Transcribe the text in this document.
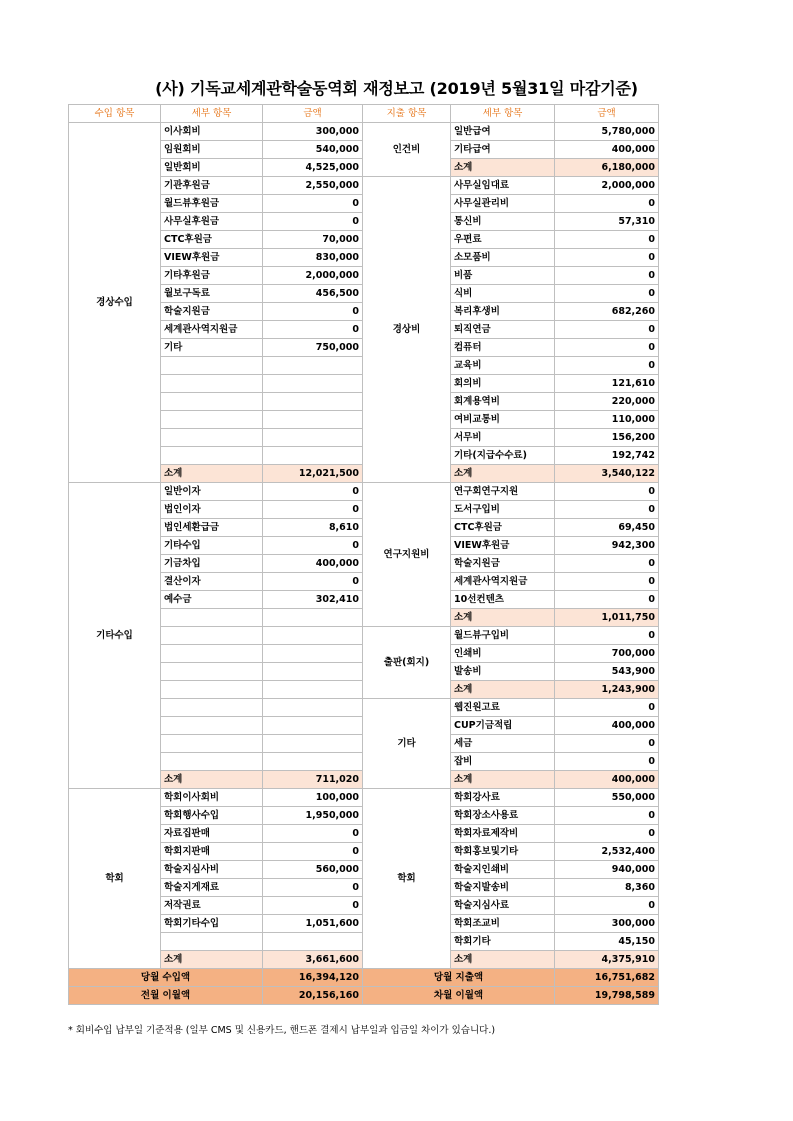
(사) 기독교세계관학술동역회 재정보고 (2019년 5월31일 마감기준)
수입 항목	세부 항목	금액	지출 항목	세부 항목	금액
경상수입	이사회비	300,000	인건비	일반급여	5,780,000
	임원회비	540,000		기타급여	400,000
	일반회비	4,525,000		소계	6,180,000
	기관후원금	2,550,000	경상비	사무실임대료	2,000,000
	월드뷰후원금	0		사무실관리비	0
	사무실후원금	0		통신비	57,310
	CTC후원금	70,000		우편료	0
	VIEW후원금	830,000		소모품비	0
	기타후원금	2,000,000		비품	0
	월보구독료	456,500		식비	0
	학술지원금	0		복리후생비	682,260
	세계관사역지원금	0		퇴직연금	0
	기타	750,000		컴퓨터	0
				교육비	0
				회의비	121,610
				회계용역비	220,000
				여비교통비	110,000
				서무비	156,200
				기타(지급수수료)	192,742
	소계	12,021,500		소계	3,540,122
기타수입	일반이자	0	연구지원비	연구회연구지원	0
	법인이자	0		도서구입비	0
	법인세환급금	8,610		CTC후원금	69,450
	기타수입	0		VIEW후원금	942,300
	기금차입	400,000		학술지원금	0
	결산이자	0		세계관사역지원금	0
	예수금	302,410		10선컨텐츠	0
				소계	1,011,750
			출판(회지)	월드뷰구입비	0
				인쇄비	700,000
				발송비	543,900
				소계	1,243,900
			기타	웹진원고료	0
				CUP기금적립	400,000
				세금	0
				잡비	0
	소계	711,020		소계	400,000
학회	학회이사회비	100,000	학회	학회강사료	550,000
	학회행사수입	1,950,000		학회장소사용료	0
	자료집판매	0		학회자료제작비	0
	학회지판매	0		학회홍보및기타	2,532,400
	학술지심사비	560,000		학술지인쇄비	940,000
	학술지게재료	0		학술지발송비	8,360
	저작권료	0		학술지심사료	0
	학회기타수입	1,051,600		학회조교비	300,000
				학회기타	45,150
	소계	3,661,600		소계	4,375,910
당월 수입액		16,394,120	당월 지출액		16,751,682
전월 이월액		20,156,160	차월 이월액		19,798,589
* 회비수입 납부일 기준적용 (일부 CMS 및 신용카드, 핸드폰 결제시 납부일과 입금일 차이가 있습니다.)
